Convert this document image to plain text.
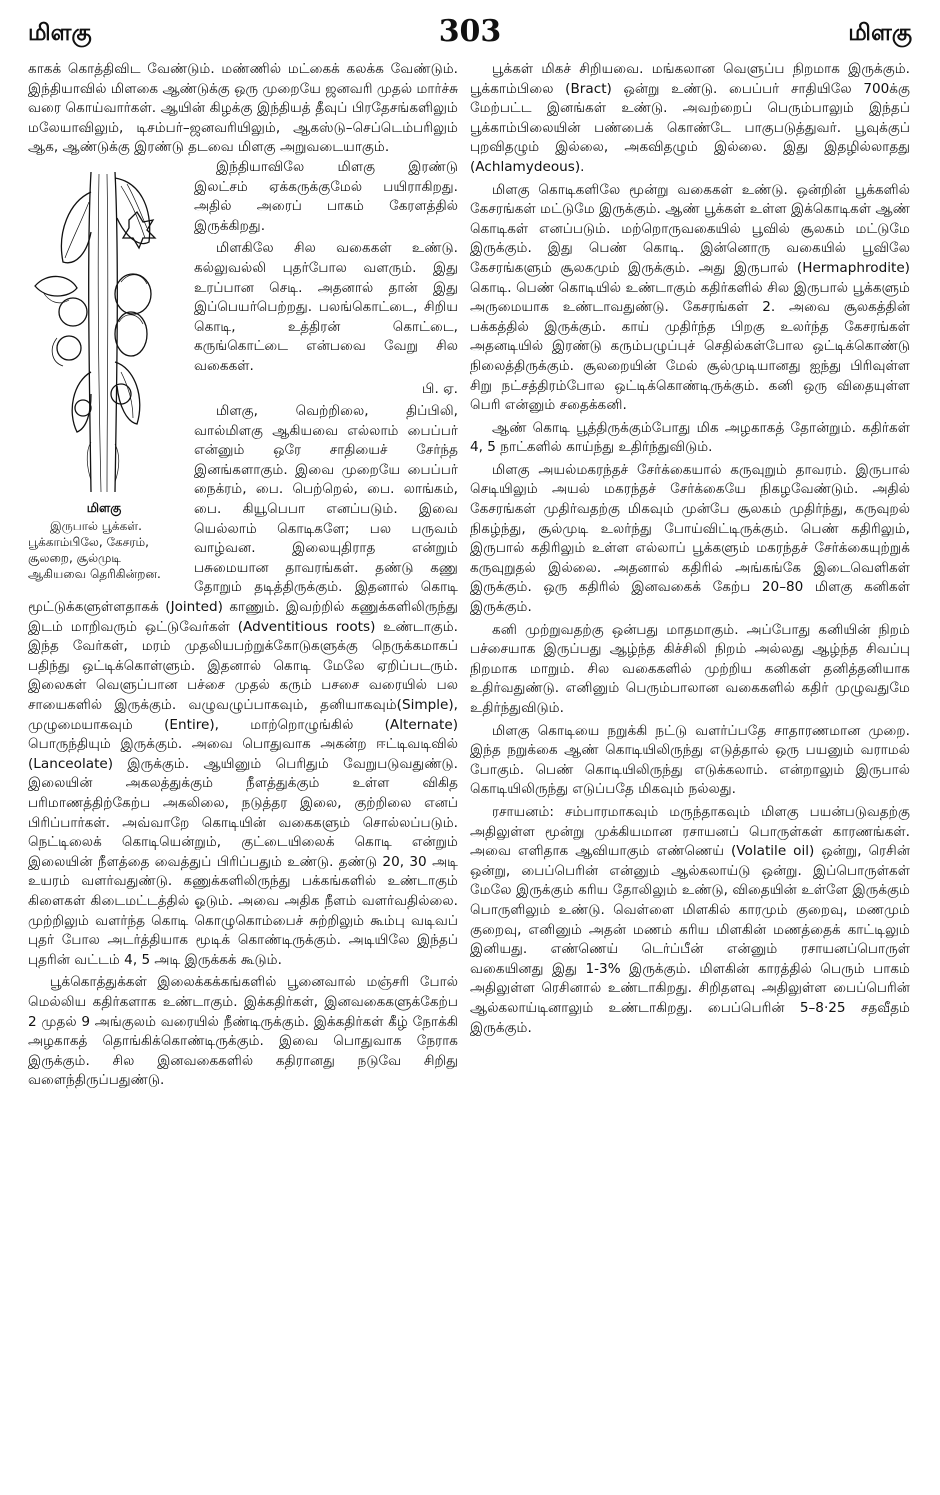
மிளகு	303	மிளகு

காகக் கொத்திவிட வேண்டும். மண்ணில் மட்கைக் கலக்க வேண்டும். இந்தியாவில் மிளகை ஆண்டுக்கு ஒரு முறையே ஜனவரி முதல் மார்ச்சு வரை கொய்வார்கள். ஆயின் கிழக்கு இந்தியத் தீவுப் பிரதேசங்களிலும் மலேயாவிலும், டிசம்பர்–ஜனவரியிலும், ஆகஸ்டு–செப்டெம்பரிலும் ஆக, ஆண்டுக்கு இரண்டு தடவை மிளகு அறுவடையாகும்.

மிளகு

இருபால் பூக்கள். பூக்காம்பிலே, கேசரம், சூலறை, சூல்முடி ஆகியவை தெரிகின்றன.

இந்தியாவிலே மிளகு இரண்டு இலட்சம் ஏக்கருக்குமேல் பயிராகிறது. அதில் அரைப் பாகம் கேரளத்தில் இருக்கிறது.

மிளகிலே சில வகைகள் உண்டு. கல்லுவல்லி புதர்போல வளரும். இது உரப்பான செடி. அதனால் தான் இது இப்பெயர்பெற்றது. பலங்கொட்டை, சிறிய கொடி, உத்திரன் கொட்டை, கருங்கொட்டை என்பவை வேறு சில வகைகள்.

பி. ஏ.

மிளகு, வெற்றிலை, திப்பிலி, வால்மிளகு ஆகியவை எல்லாம் பைப்பர் என்னும் ஒரே சாதியைச் சேர்ந்த இனங்களாகும். இவை முறையே பைப்பர் நைக்ரம், பை. பெற்றெல், பை. லாங்கம், பை. கியூபெபா எனப்படும். இவை யெல்லாம் கொடிகளே; பல பருவம் வாழ்வன. இலையுதிராத என்றும் பசுமையான தாவரங்கள். தண்டு கணு தோறும் தடித்திருக்கும். இதனால் கொடி மூட்டுக்களுள்ளதாகக் (Jointed) காணும். இவற்றில் கணுக்களிலிருந்து இடம் மாறிவரும் ஒட்டுவேர்கள் (Adventitious roots) உண்டாகும். இந்த வேர்கள், மரம் முதலியபற்றுக்கோடுகளுக்கு நெருக்கமாகப் பதிந்து ஒட்டிக்கொள்ளும். இதனால் கொடி மேலே ஏறிப்படரும். இலைகள் வெளுப்பான பச்சை முதல் கரும் பசசை வரையில் பல சாயைகளில் இருக்கும். வழுவழுப்பாகவும், தனியாகவும்(Simple), முழுமையாகவும் (Entire), மாற்றொழுங்கில் (Alternate) பொருந்தியும் இருக்கும். அவை பொதுவாக அகன்ற ஈட்டிவடிவில் (Lanceolate) இருக்கும். ஆயினும் பெரிதும் வேறுபடுவதுண்டு. இலையின் அகலத்துக்கும் நீளத்துக்கும் உள்ள விகித பரிமாணத்திற்கேற்ப அகலிலை, நடுத்தர இலை, குற்றிலை எனப் பிரிப்பார்கள். அவ்வாறே கொடியின் வகைகளும் சொல்லப்படும். நெட்டிலைக் கொடியென்றும், குட்டையிலைக் கொடி என்றும் இலையின் நீளத்தை வைத்துப் பிரிப்பதும் உண்டு. தண்டு 20, 30 அடி உயரம் வளர்வதுண்டு. கணுக்களிலிருந்து பக்கங்களில் உண்டாகும் கிளைகள் கிடைமட்டத்தில் ஓடும். அவை அதிக நீளம் வளர்வதில்லை. முற்றிலும் வளர்ந்த கொடி கொழுகொம்பைச் சுற்றிலும் கூம்பு வடிவப் புதர் போல அடர்த்தியாக மூடிக் கொண்டிருக்கும். அடியிலே இந்தப் புதரின் வட்டம் 4, 5 அடி இருக்கக் கூடும்.

பூக்கொத்துக்கள் இலைக்கக்கங்களில் பூனைவால் மஞ்சரி போல் மெல்லிய கதிர்களாக உண்டாகும். இக்கதிர்கள், இனவகைகளுக்கேற்ப 2 முதல் 9 அங்குலம் வரையில் நீண்டிருக்கும். இக்கதிர்கள் கீழ் நோக்கி அழகாகத் தொங்கிக்கொண்டிருக்கும். இவை பொதுவாக நேராக இருக்கும். சில இனவகைகளில் கதிரானது நடுவே சிறிது வளைந்திருப்பதுண்டு.

பூக்கள் மிகச் சிறியவை. மங்கலான வெளுப்ப நிறமாக இருக்கும். பூக்காம்பிலை (Bract) ஒன்று உண்டு. பைப்பர் சாதியிலே 700க்கு மேற்பட்ட இனங்கள் உண்டு. அவற்றைப் பெரும்பாலும் இந்தப் பூக்காம்பிலையின் பண்பைக் கொண்டே பாகுபடுத்துவர். பூவுக்குப் புறவிதழும் இல்லை, அகவிதழும் இல்லை. இது இதழில்லாதது (Achlamydeous).

மிளகு கொடிகளிலே மூன்று வகைகள் உண்டு. ஒன்றின் பூக்களில் கேசரங்கள் மட்டுமே இருக்கும். ஆண் பூக்கள் உள்ள இக்கொடிகள் ஆண் கொடிகள் எனப்படும். மற்றொருவகையில் பூவில் சூலகம் மட்டுமே இருக்கும். இது பெண் கொடி. இன்னொரு வகையில் பூவிலே கேசரங்களும் சூலகமும் இருக்கும். அது இருபால் (Hermaphrodite) கொடி. பெண் கொடியில் உண்டாகும் கதிர்களில் சில இருபால் பூக்களும் அருமையாக உண்டாவதுண்டு. கேசரங்கள் 2. அவை சூலகத்தின் பக்கத்தில் இருக்கும். காய் முதிர்ந்த பிறகு உலர்ந்த கேசரங்கள் அதனடியில் இரண்டு கரும்பழுப்புச் செதில்கள்போல ஒட்டிக்கொண்டு நிலைத்திருக்கும். சூலறையின் மேல் சூல்முடியானது ஐந்து பிரிவுள்ள சிறு நட்சத்திரம்போல ஒட்டிக்கொண்டிருக்கும். கனி ஒரு விதையுள்ள பெரி என்னும் சதைக்கனி.

ஆண் கொடி பூத்திருக்கும்போது மிக அழகாகத் தோன்றும். கதிர்கள் 4, 5 நாட்களில் காய்ந்து உதிர்ந்துவிடும்.

மிளகு அயல்மகரந்தச் சேர்க்கையால் கருவுறும் தாவரம். இருபால் செடியிலும் அயல் மகரந்தச் சேர்க்கையே நிகழவேண்டும். அதில் கேசரங்கள் முதிர்வதற்கு மிகவும் முன்பே சூலகம் முதிர்ந்து, கருவுறல் நிகழ்ந்து, சூல்முடி உலர்ந்து போய்விட்டிருக்கும். பெண் கதிரிலும், இருபால் கதிரிலும் உள்ள எல்லாப் பூக்களும் மகரந்தச் சேர்க்கையுற்றுக் கருவுறுதல் இல்லை. அதனால் கதிரில் அங்கங்கே இடைவெளிகள் இருக்கும். ஒரு கதிரில் இனவகைக் கேற்ப 20–80 மிளகு கனிகள் இருக்கும்.

கனி முற்றுவதற்கு ஒன்பது மாதமாகும். அப்போது கனியின் நிறம் பச்சையாக இருப்பது ஆழ்ந்த கிச்சிலி நிறம் அல்லது ஆழ்ந்த சிவப்பு நிறமாக மாறும். சில வகைகளில் முற்றிய கனிகள் தனித்தனியாக உதிர்வதுண்டு. எனினும் பெரும்பாலான வகைகளில் கதிர் முழுவதுமே உதிர்ந்துவிடும்.

மிளகு கொடியை நறுக்கி நட்டு வளர்ப்பதே சாதாரணமான முறை. இந்த நறுக்கை ஆண் கொடியிலிருந்து எடுத்தால் ஒரு பயனும் வராமல் போகும். பெண் கொடியிலிருந்து எடுக்கலாம். என்றாலும் இருபால் கொடியிலிருந்து எடுப்பதே மிகவும் நல்லது.

ரசாயனம்: சம்பாரமாகவும் மருந்தாகவும் மிளகு பயன்படுவதற்கு அதிலுள்ள மூன்று முக்கியமான ரசாயனப் பொருள்கள் காரணங்கள். அவை எளிதாக ஆவியாகும் எண்ணெய் (Volatile oil) ஒன்று, ரெசின் ஒன்று, பைப்பெரின் என்னும் ஆல்கலாய்டு ஒன்று. இப்பொருள்கள் மேலே இருக்கும் கரிய தோலிலும் உண்டு, விதையின் உள்ளே இருக்கும் பொருளிலும் உண்டு. வெள்ளை மிளகில் காரமும் குறைவு, மணமும் குறைவு, எனினும் அதன் மணம் கரிய மிளகின் மணத்தைக் காட்டிலும் இனியது. எண்ணெய் டெர்ப்பீன் என்னும் ரசாயனப்பொருள் வகையினது இது 1-3% இருக்கும். மிளகின் காரத்தில் பெரும் பாகம் அதிலுள்ள ரெசினால் உண்டாகிறது. சிறிதளவு அதிலுள்ள பைப்பெரின் ஆல்கலாய்டினாலும் உண்டாகிறது. பைப்பெரின் 5–8·25 சதவீதம் இருக்கும்.
